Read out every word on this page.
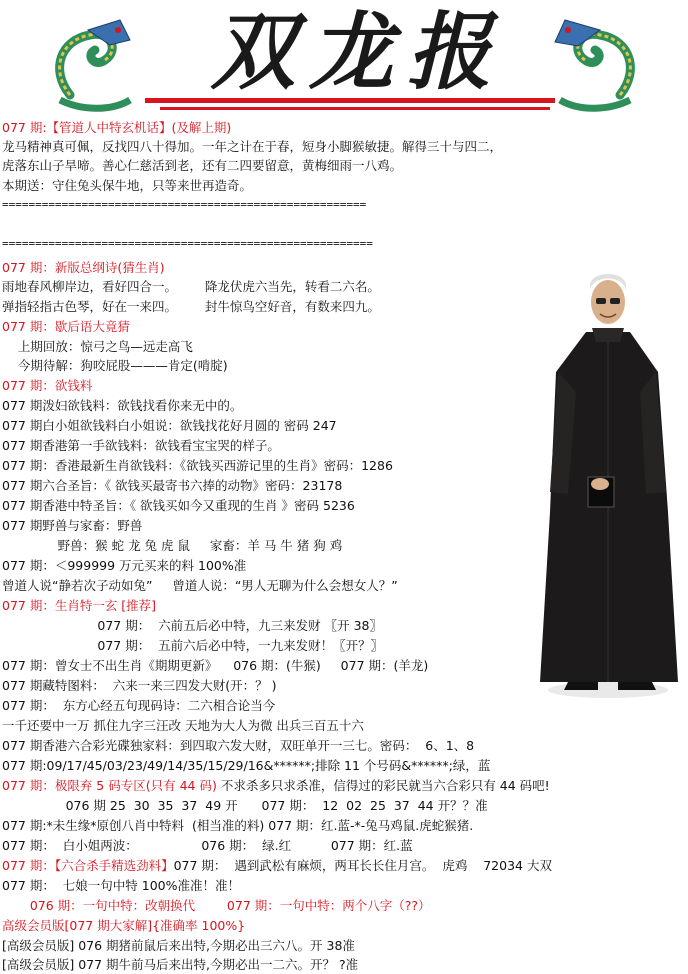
双龙报
077 期:【管道人中特玄机话】(及解上期)
龙马精神真可佩，反找四八十得加。一年之计在于春，短身小脚猴敏捷。解得三十与四二，
虎落东山子旱啼。善心仁慈活到老，还有二四要留意，黄梅细雨一八鸡。
本期送：守住兔头保牛地，只等来世再造奇。
=======================================================
========================================================
077 期：新版总纲诗(猜生肖)
雨地春风柳岸边，看好四合一。       降龙伏虎六当先，转看二六名。
弹指轻指古色琴，好在一来四。       封牛惊鸟空好音，有数来四九。
077 期：歇后语大竟猜
上期回放：惊弓之鸟—远走高飞
今期待解：狗咬屁股———肯定(啃腚)
077 期：欲钱料
077 期泼妇欲钱料：欲钱找看你来无中的。
077 期白小姐欲钱料白小姐说：欲钱找花好月圆的 密码 247
077 期香港第一手欲钱料：欲钱看宝宝哭的样子。
077 期：香港最新生肖欲钱料：《欲钱买西游记里的生肖》密码：1286
077 期六合圣旨：《 欲钱买最寄书六捧的动物》密码：23178
077 期香港中特圣旨：《 欲钱买如今又重现的生肖 》密码 5236
077 期野兽与家畜：野兽
野兽：猴 蛇 龙 兔 虎 鼠     家畜：羊 马 牛 猪 狗 鸡
077 期：＜999999 万元买来的料 100%准
曾道人说“静若次子动如兔”     曾道人说：“男人无聊为什么会想女人？”
077 期：生肖特一玄 [推荐]
077 期：  六前五后必中特，九三来发财 〖开 38〗
077 期：  五前六后必中特，一九来发财！〖开？〗
077 期：曾女士不出生肖《期期更新》    076 期：(牛猴)     077 期：(羊龙)
077 期藏特图料：  六来一来三四发大财(开：？ )
077 期：  东方心经五句现码诗：二六相合论当今
一千还要中一万 抓住九字三汪改 天地为大人为微 出兵三百五十六
077 期香港六合彩光碟独家料：到四取六发大财，双旺单开一三七。密码：  6、1、8
077 期:09/17/45/03/23/49/14/35/15/29/16&******;排除 11 个号码&******;绿，蓝
077 期：极限弃 5 码专区(只有 44 码) 不求杀多只求杀准，信得过的彩民就当六合彩只有 44 码吧!
076 期 25  30  35  37  49 开      077 期：  12  02  25  37  44 开？？准
077 期:*未生缘*原创八肖中特料  (相当准的料) 077 期：红.蓝-*-兔马鸡鼠.虎蛇猴猪.
077 期：  白小姐两波：                076 期：  绿.红          077 期：红.蓝
077 期：【六合杀手精选劲料】077 期：  遇到武松有麻烦，两耳长长住月宫。  虎鸡    72034 大双
077 期：  七娘一句中特 100%准准！准！
076 期：一句中特：改朝换代        077 期：一句中特：两个八字（??）
高级会员版[077 期大家解]{准确率 100%}
[高级会员版] 076 期猪前鼠后来出特,今期必出三六八。开 38准
[高级会员版] 077 期牛前马后来出特,今期必出一二六。开？ ?准
